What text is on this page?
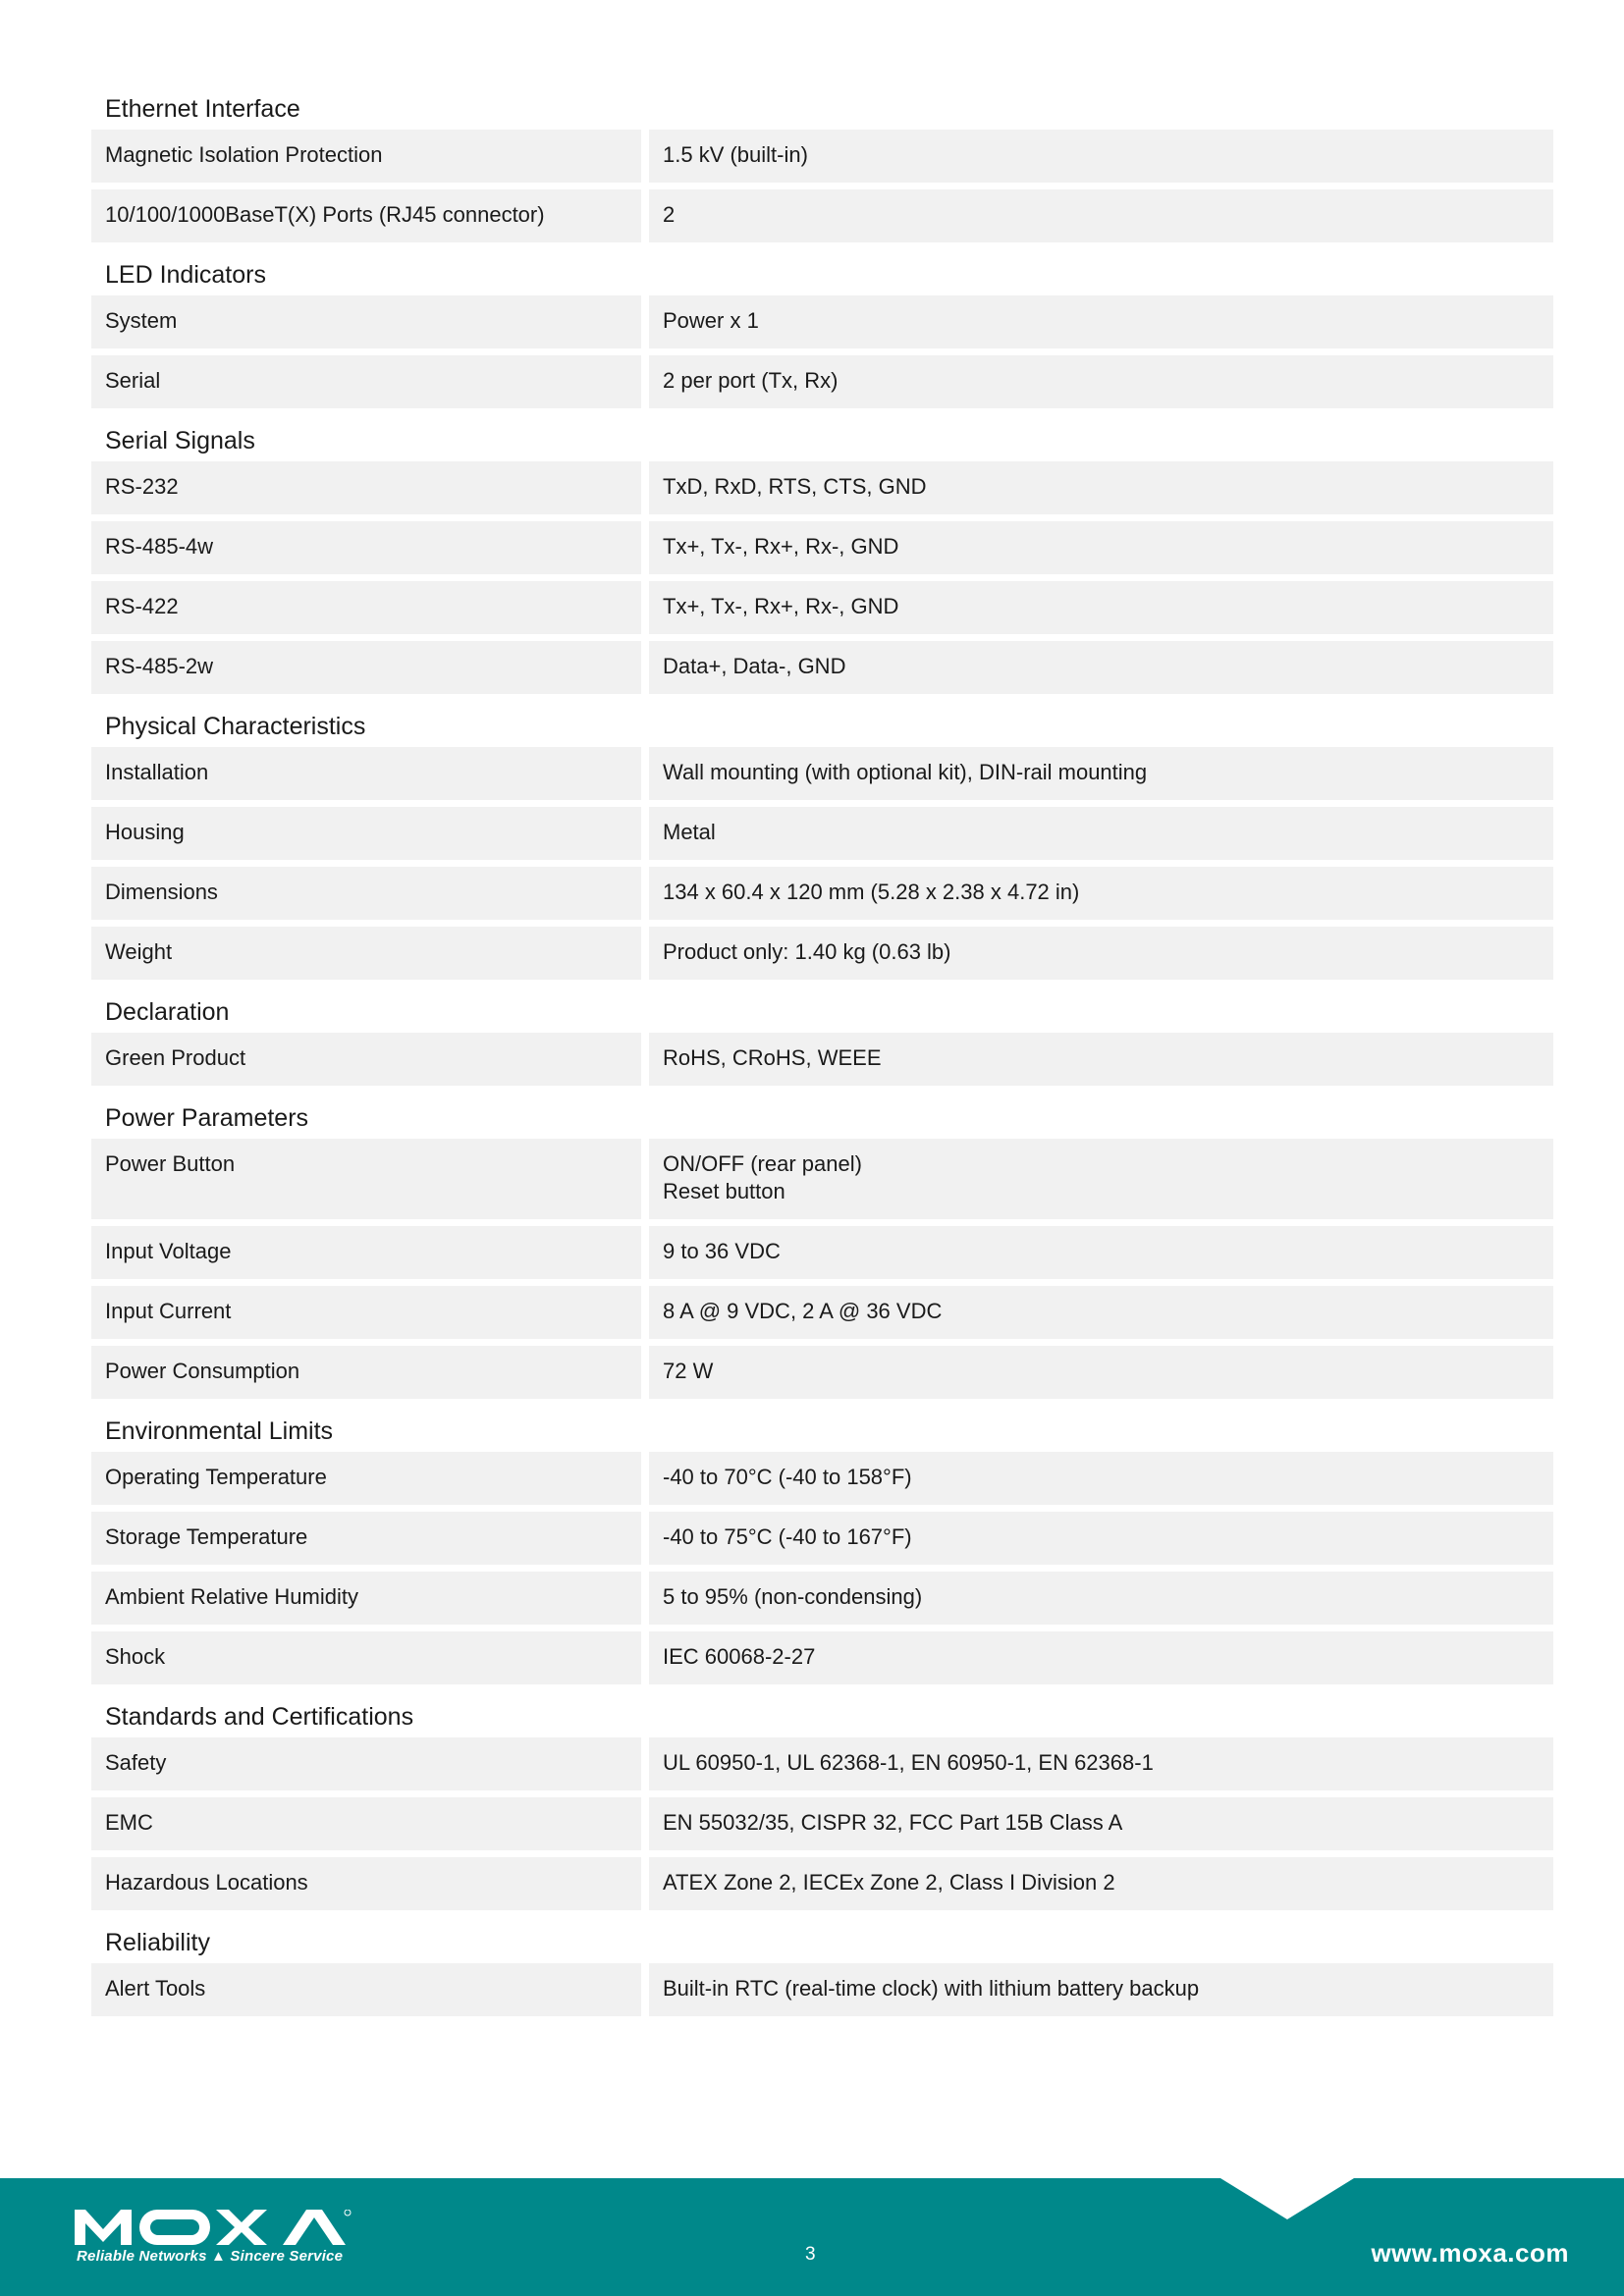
Ethernet Interface
Magnetic Isolation Protection	1.5 kV (built-in)
10/100/1000BaseT(X) Ports (RJ45 connector)	2
LED Indicators
System	Power x 1
Serial	2 per port (Tx, Rx)
Serial Signals
RS-232	TxD, RxD, RTS, CTS, GND
RS-485-4w	Tx+, Tx-, Rx+, Rx-, GND
RS-422	Tx+, Tx-, Rx+, Rx-, GND
RS-485-2w	Data+, Data-, GND
Physical Characteristics
Installation	Wall mounting (with optional kit), DIN-rail mounting
Housing	Metal
Dimensions	134 x 60.4 x 120 mm (5.28 x 2.38 x 4.72 in)
Weight	Product only: 1.40 kg (0.63 lb)
Declaration
Green Product	RoHS, CRoHS, WEEE
Power Parameters
Power Button	ON/OFF (rear panel)
Reset button
Input Voltage	9 to 36 VDC
Input Current	8 A @ 9 VDC, 2 A @ 36 VDC
Power Consumption	72 W
Environmental Limits
Operating Temperature	-40 to 70°C (-40 to 158°F)
Storage Temperature	-40 to 75°C (-40 to 167°F)
Ambient Relative Humidity	5 to 95% (non-condensing)
Shock	IEC 60068-2-27
Standards and Certifications
Safety	UL 60950-1, UL 62368-1, EN 60950-1, EN 62368-1
EMC	EN 55032/35, CISPR 32, FCC Part 15B Class A
Hazardous Locations	ATEX Zone 2, IECEx Zone 2, Class I Division 2
Reliability
Alert Tools	Built-in RTC (real-time clock) with lithium battery backup
Reliable Networks ▲ Sincere Service	3	www.moxa.com
